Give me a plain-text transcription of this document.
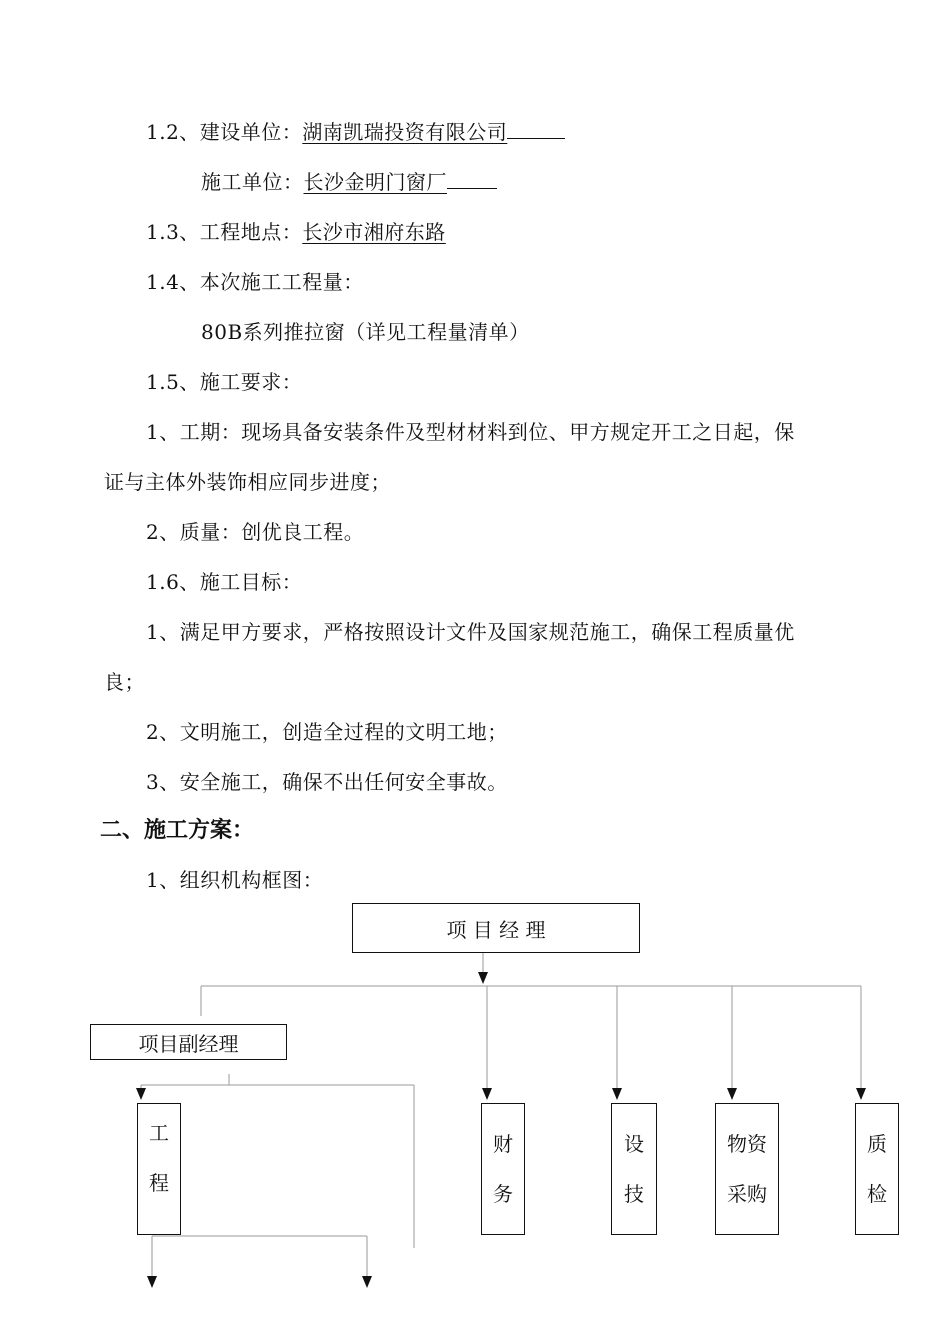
1.2、建设单位：湖南凯瑞投资有限公司
施工单位：长沙金明门窗厂
1.3、工程地点：长沙市湘府东路
1.4、本次施工工程量：
80B系列推拉窗（详见工程量清单）
1.5、施工要求：
1、工期：现场具备安装条件及型材材料到位、甲方规定开工之日起，保
证与主体外装饰相应同步进度；
2、质量：创优良工程。
1.6、施工目标：
1、满足甲方要求，严格按照设计文件及国家规范施工，确保工程质量优
良；
2、文明施工，创造全过程的文明工地；
3、安全施工，确保不出任何安全事故。
二、施工方案：
1、组织机构框图：
项 目 经 理
项目副经理
工
程
财
务
设
技
物资
采购
质
检
